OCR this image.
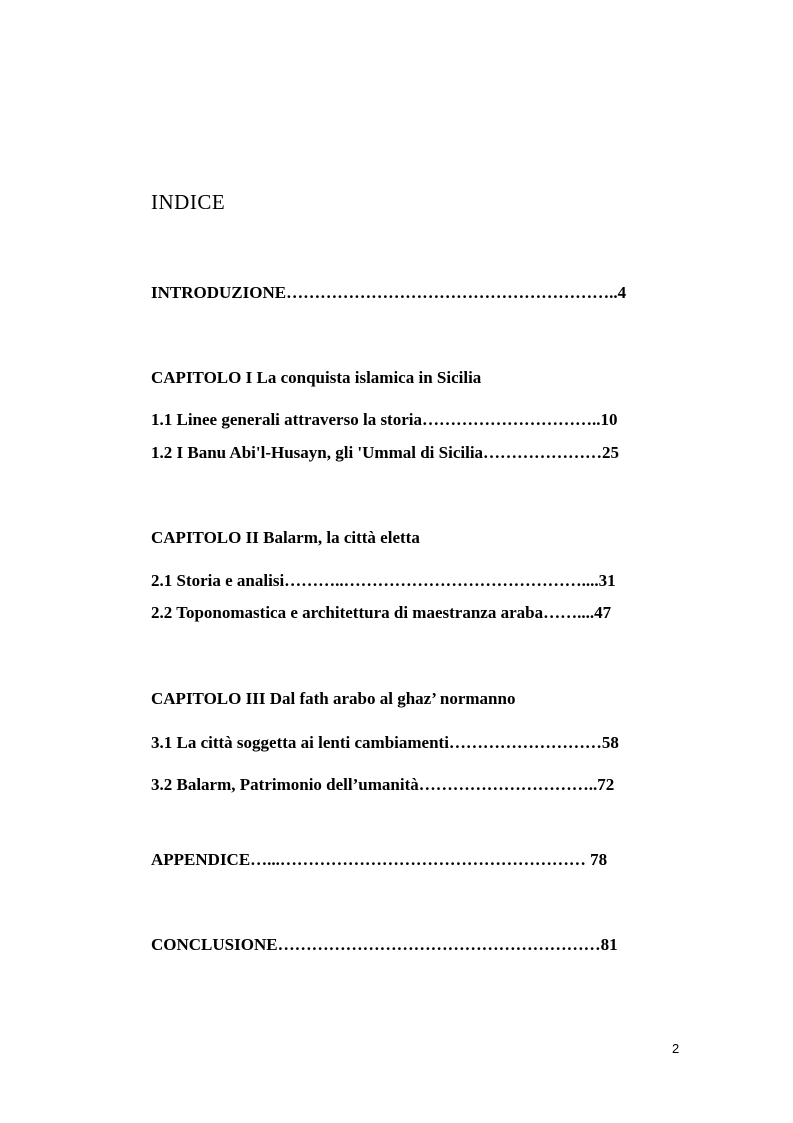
INDICE

INTRODUZIONE…………………………………………………..4

CAPITOLO I La conquista islamica in Sicilia

1.1 Linee generali attraverso la storia…………………………..10

1.2 I Banu Abi'l-Husayn, gli 'Ummal di Sicilia…………………25

CAPITOLO II Balarm, la città eletta

2.1 Storia e analisi………..……………………………………....31

2.2 Toponomastica e architettura di maestranza araba……....47

CAPITOLO III Dal fath arabo al ghaz’ normanno

3.1 La città soggetta ai lenti cambiamenti………………………58

3.2 Balarm, Patrimonio dell’umanità…………………………..72

APPENDICE…...……………………………………………… 78

CONCLUSIONE…………………………………………………81

2
